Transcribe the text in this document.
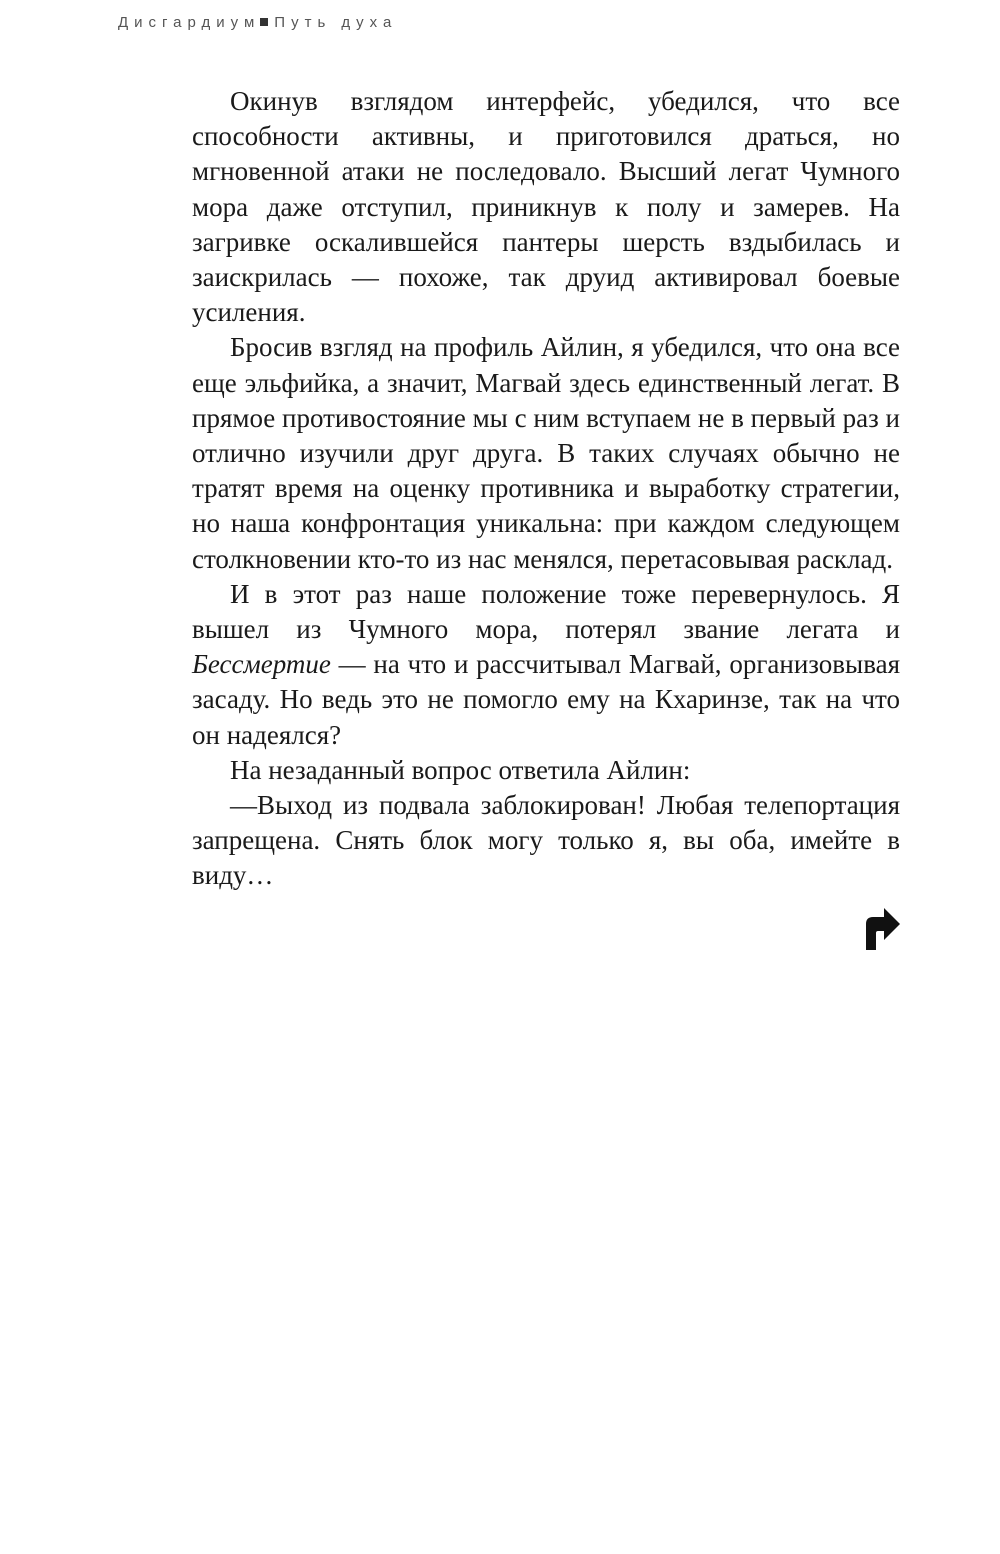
Дисгардиум Путь духа

Окинув взглядом интерфейс, убедился, что все способности активны, и приготовился драться, но мгновенной атаки не последовало. Высший легат Чумного мора даже отступил, приникнув к полу и замерев. На загривке оскалившейся пантеры шерсть вздыбилась и заискрилась — похоже, так друид активировал боевые усиления.

Бросив взгляд на профиль Айлин, я убедился, что она все еще эльфийка, а значит, Магвай здесь единственный легат. В прямое противостояние мы с ним вступаем не в первый раз и отлично изучили друг друга. В таких случаях обычно не тратят время на оценку противника и выработку стратегии, но наша конфронтация уникальна: при каждом следующем столкновении кто-то из нас менялся, перетасовывая расклад.

И в этот раз наше положение тоже перевернулось. Я вышел из Чумного мора, потерял звание легата и Бессмертие — на что и рассчитывал Магвай, организовывая засаду. Но ведь это не помогло ему на Кхаринзе, так на что он надеялся?

На незаданный вопрос ответила Айлин:

—Выход из подвала заблокирован! Любая телепортация запрещена. Снять блок могу только я, вы оба, имейте в виду…
